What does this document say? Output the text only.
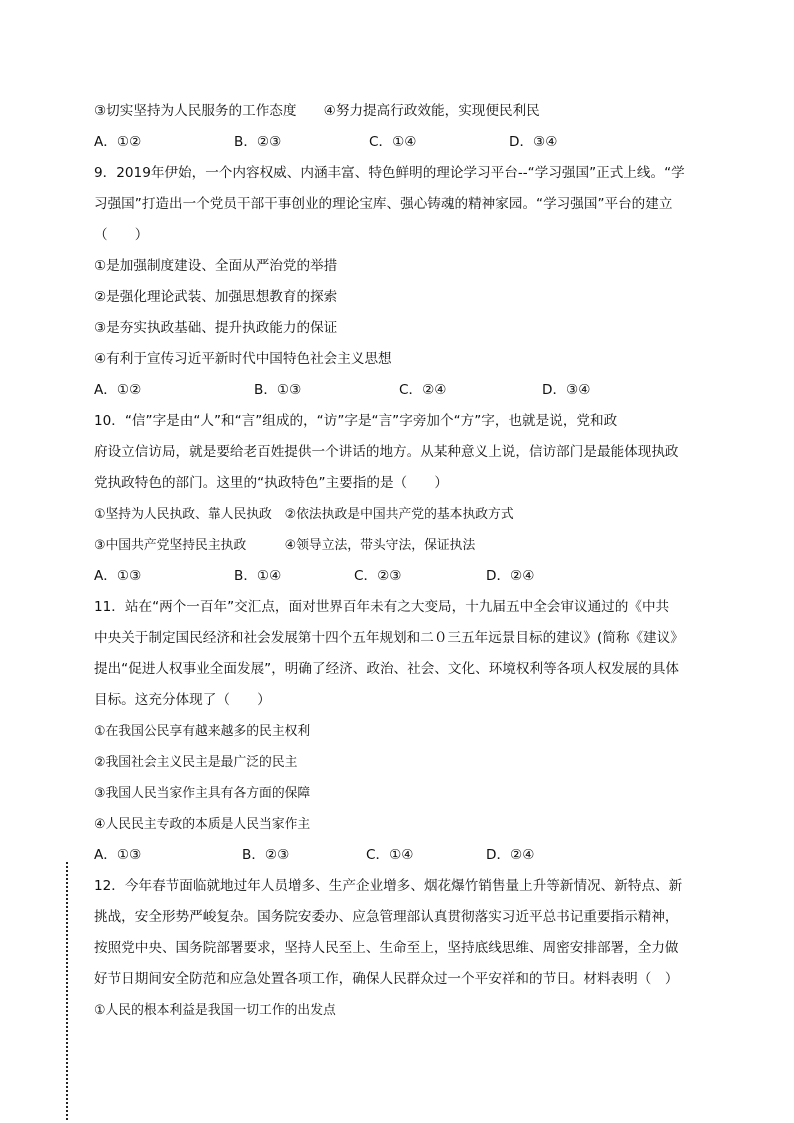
③切实坚持为人民服务的工作态度　　④努力提高行政效能，实现便民利民
A．①②	B．②③	C．①④	D．③④
9．2019年伊始，一个内容权威、内涵丰富、特色鲜明的理论学习平台--“学习强国”正式上线。“学
习强国”打造出一个党员干部干事创业的理论宝库、强心铸魂的精神家园。“学习强国”平台的建立
（　　）
①是加强制度建设、全面从严治党的举措
②是强化理论武装、加强思想教育的探索
③是夯实执政基础、提升执政能力的保证
④有利于宣传习近平新时代中国特色社会主义思想
A．①②	B．①③	C．②④	D．③④
10．“信”字是由“人”和“言”组成的，“访”字是“言”字旁加个“方”字，也就是说，党和政
府设立信访局，就是要给老百姓提供一个讲话的地方。从某种意义上说，信访部门是最能体现执政
党执政特色的部门。这里的“执政特色”主要指的是（　　）
①坚持为人民执政、靠人民执政　②依法执政是中国共产党的基本执政方式
③中国共产党坚持民主执政　　　④领导立法，带头守法，保证执法
A．①③	B．①④	C．②③	D．②④
11．站在“两个一百年”交汇点，面对世界百年未有之大变局，十九届五中全会审议通过的《中共
中央关于制定国民经济和社会发展第十四个五年规划和二０三五年远景目标的建议》(简称《建议》
提出“促进人权事业全面发展”，明确了经济、政治、社会、文化、环境权利等各项人权发展的具体
目标。这充分体现了（　　）
①在我国公民享有越来越多的民主权利
②我国社会主义民主是最广泛的民主
③我国人民当家作主具有各方面的保障
④人民民主专政的本质是人民当家作主
A．①③	B．②③	C．①④	D．②④
12．今年春节面临就地过年人员增多、生产企业增多、烟花爆竹销售量上升等新情况、新特点、新
挑战，安全形势严峻复杂。国务院安委办、应急管理部认真贯彻落实习近平总书记重要指示精神，
按照党中央、国务院部署要求，坚持人民至上、生命至上，坚持底线思维、周密安排部署，全力做
好节日期间安全防范和应急处置各项工作，确保人民群众过一个平安祥和的节日。材料表明（　）
①人民的根本利益是我国一切工作的出发点
